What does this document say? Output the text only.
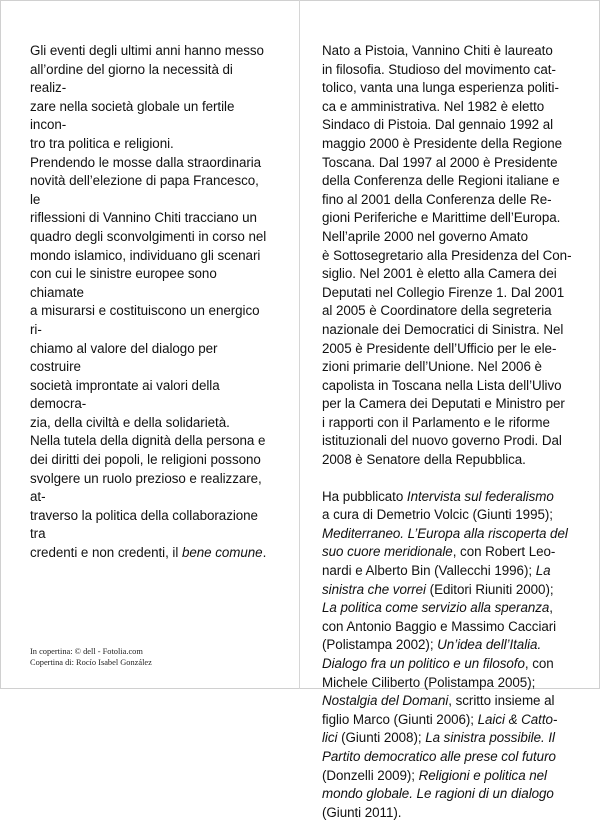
Gli eventi degli ultimi anni hanno messo
all’ordine del giorno la necessità di realiz-
zare nella società globale un fertile incon-
tro tra politica e religioni.

Prendendo le mosse dalla straordinaria
novità dell’elezione di papa Francesco, le
riflessioni di Vannino Chiti tracciano un
quadro degli sconvolgimenti in corso nel
mondo islamico, individuano gli scenari
con cui le sinistre europee sono chiamate
a misurarsi e costituiscono un energico ri-
chiamo al valore del dialogo per costruire
società improntate ai valori della democra-
zia, della civiltà e della solidarietà.

Nella tutela della dignità della persona e
dei diritti dei popoli, le religioni possono
svolgere un ruolo prezioso e realizzare, at-
traverso la politica della collaborazione tra
credenti e non credenti, il bene comune.

In copertina: © dell - Fotolia.com
Copertina di: Rocío Isabel González

Nato a Pistoia, Vannino Chiti è laureato
in filosofia. Studioso del movimento cat-
tolico, vanta una lunga esperienza politi-
ca e amministrativa. Nel 1982 è eletto
Sindaco di Pistoia. Dal gennaio 1992 al
maggio 2000 è Presidente della Regione
Toscana. Dal 1997 al 2000 è Presidente
della Conferenza delle Regioni italiane e
fino al 2001 della Conferenza delle Re-
gioni Periferiche e Marittime dell’Europa.
Nell’aprile 2000 nel governo Amato
è Sottosegretario alla Presidenza del Con-
siglio. Nel 2001 è eletto alla Camera dei
Deputati nel Collegio Firenze 1. Dal 2001
al 2005 è Coordinatore della segreteria
nazionale dei Democratici di Sinistra. Nel
2005 è Presidente dell’Ufficio per le ele-
zioni primarie dell’Unione. Nel 2006 è
capolista in Toscana nella Lista dell’Ulivo
per la Camera dei Deputati e Ministro per
i rapporti con il Parlamento e le riforme
istituzionali del nuovo governo Prodi. Dal
2008 è Senatore della Repubblica.

Ha pubblicato Intervista sul federalismo
a cura di Demetrio Volcic (Giunti 1995);
Mediterraneo. L’Europa alla riscoperta del
suo cuore meridionale, con Robert Leo-
nardi e Alberto Bin (Vallecchi 1996); La
sinistra che vorrei (Editori Riuniti 2000);
La politica come servizio alla speranza,
con Antonio Baggio e Massimo Cacciari
(Polistampa 2002); Un’idea dell’Italia.
Dialogo fra un politico e un filosofo, con
Michele Ciliberto (Polistampa 2005);
Nostalgia del Domani, scritto insieme al
figlio Marco (Giunti 2006); Laici & Catto-
lici (Giunti 2008); La sinistra possibile. Il
Partito democratico alle prese col futuro
(Donzelli 2009); Religioni e politica nel
mondo globale. Le ragioni di un dialogo
(Giunti 2011).
